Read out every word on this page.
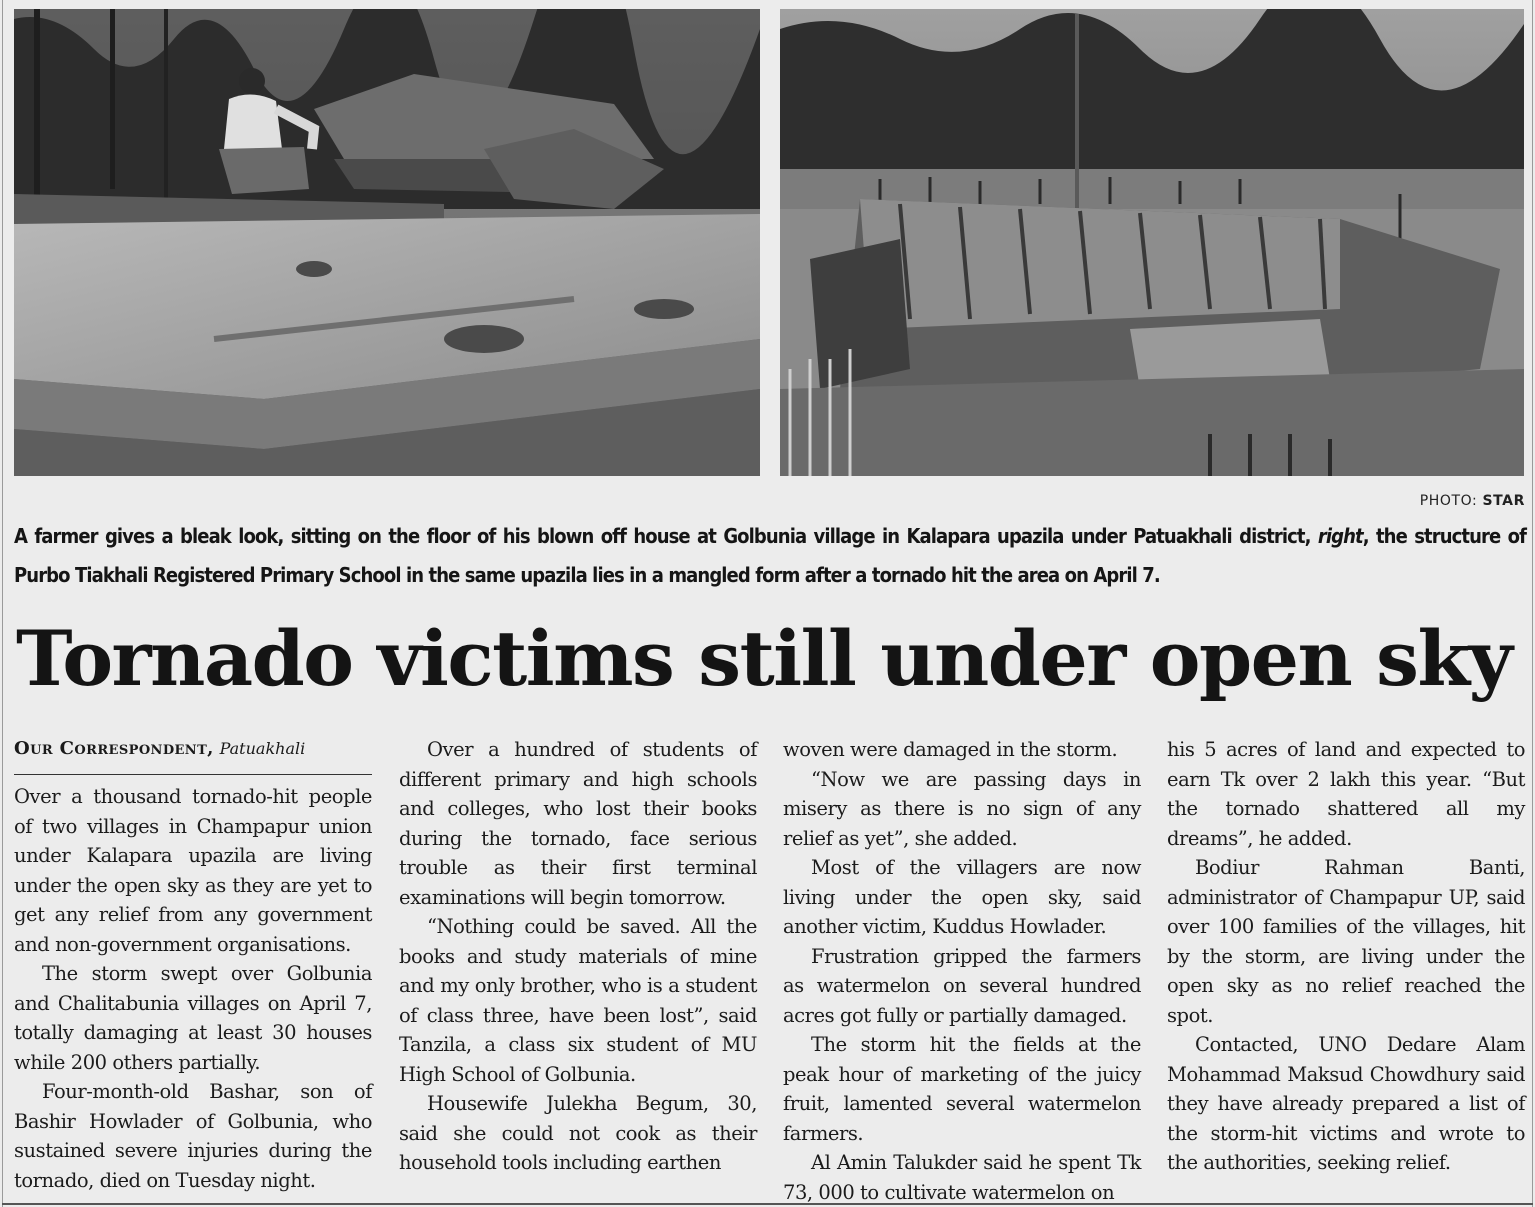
PHOTO: STAR
A farmer gives a bleak look, sitting on the floor of his blown off house at Golbunia village in Kalapara upazila under Patuakhali district, right, the structure of Purbo Tiakhali Registered Primary School in the same upazila lies in a mangled form after a tornado hit the area on April 7.
Tornado victims still under open sky
Our Correspondent, Patuakhali

Over a thousand tornado-hit people of two villages in Champapur union under Kalapara upazila are living under the open sky as they are yet to get any relief from any government and non-government organisations.

The storm swept over Golbunia and Chalitabunia villages on April 7, totally damaging at least 30 houses while 200 others partially.

Four-month-old Bashar, son of Bashir Howlader of Golbunia, who sustained severe injuries during the tornado, died on Tuesday night.

Over a hundred of students of different primary and high schools and colleges, who lost their books during the tornado, face serious trouble as their first terminal examinations will begin tomorrow.

“Nothing could be saved. All the books and study materials of mine and my only brother, who is a student of class three, have been lost”, said Tanzila, a class six student of MU High School of Golbunia.

Housewife Julekha Begum, 30, said she could not cook as their household tools including earthen

woven were damaged in the storm.

“Now we are passing days in misery as there is no sign of any relief as yet”, she added.

Most of the villagers are now living under the open sky, said another victim, Kuddus Howlader.

Frustration gripped the farmers as watermelon on several hundred acres got fully or partially damaged.

The storm hit the fields at the peak hour of marketing of the juicy fruit, lamented several watermelon farmers.

Al Amin Talukder said he spent Tk 73, 000 to cultivate watermelon on

his 5 acres of land and expected to earn Tk over 2 lakh this year. “But the tornado shattered all my dreams”, he added.

Bodiur Rahman Banti, administrator of Champapur UP, said over 100 families of the villages, hit by the storm, are living under the open sky as no relief reached the spot.

Contacted, UNO Dedare Alam Mohammad Maksud Chowdhury said they have already prepared a list of the storm-hit victims and wrote to the authorities, seeking relief.
